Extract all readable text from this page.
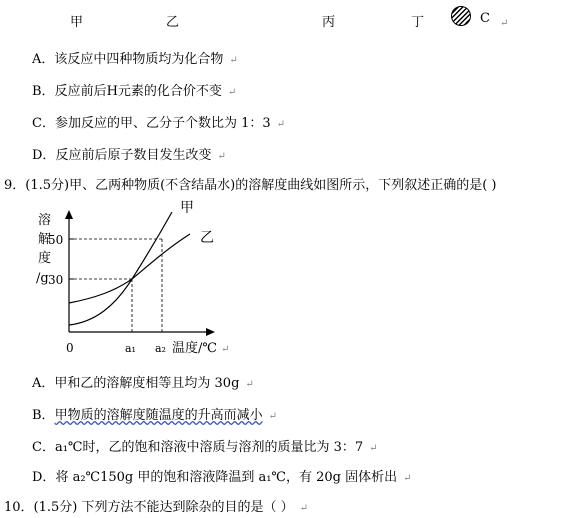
甲	乙	丙	丁	C ↵
A．该反应中四种物质均为化合物 ↵
B．反应前后H元素的化合价不变 ↵
C．参加反应的甲、乙分子个数比为 1：3 ↵
D．反应前后原子数目发生改变 ↵
9．(1.5分)甲、乙两种物质(不含结晶水)的溶解度曲线如图所示，下列叙述正确的是( )
溶
解
度
/g 30
50
a₁ a₂
0	温度/℃
甲
乙
↵
A．甲和乙的溶解度相等且均为 30g ↵
B．甲物质的溶解度随温度的升高而减小 ↵
C．a₁℃时，乙的饱和溶液中溶质与溶剂的质量比为 3：7 ↵
D．将 a₂℃150g 甲的饱和溶液降温到 a₁℃，有 20g 固体析出 ↵
10．(1.5分) 下列方法不能达到除杂的目的是（ ） ↵
